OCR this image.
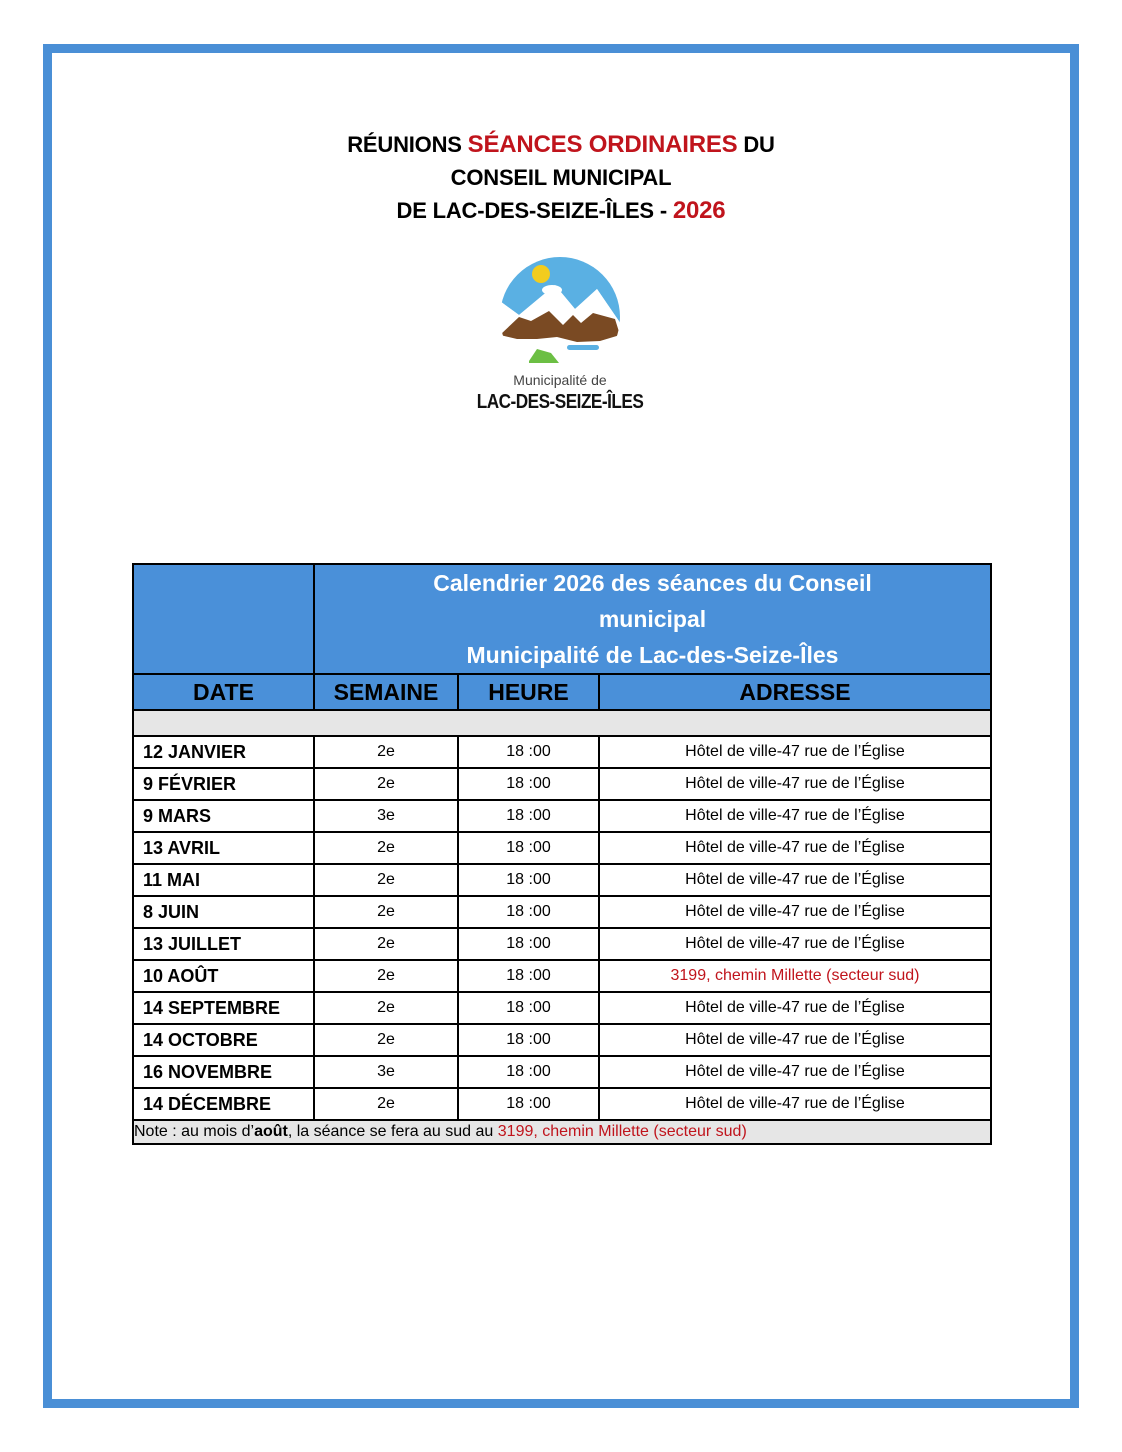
RÉUNIONS SÉANCES ORDINAIRES DU
CONSEIL MUNICIPAL
DE LAC-DES-SEIZE-ÎLES - 2026
Municipalité de
LAC-DES-SEIZE-ÎLES

	Calendrier 2026 des séances du Conseil
municipal
Municipalité de Lac-des-Seize-Îles		

DATE	SEMAINE	HEURE	ADRESSE

12 JANVIER	2e	18 :00	Hôtel de ville-47 rue de l’Église
9 FÉVRIER	2e	18 :00	Hôtel de ville-47 rue de l’Église
9 MARS	3e	18 :00	Hôtel de ville-47 rue de l’Église
13 AVRIL	2e	18 :00	Hôtel de ville-47 rue de l’Église
11 MAI	2e	18 :00	Hôtel de ville-47 rue de l’Église
8 JUIN	2e	18 :00	Hôtel de ville-47 rue de l’Église
13 JUILLET	2e	18 :00	Hôtel de ville-47 rue de l’Église
10 AOÛT	2e	18 :00	3199, chemin Millette (secteur sud)
14 SEPTEMBRE	2e	18 :00	Hôtel de ville-47 rue de l’Église
14 OCTOBRE	2e	18 :00	Hôtel de ville-47 rue de l’Église
16 NOVEMBRE	3e	18 :00	Hôtel de ville-47 rue de l’Église
14 DÉCEMBRE	2e	18 :00	Hôtel de ville-47 rue de l’Église
Note : au mois d’août, la séance se fera au sud au 3199, chemin Millette (secteur sud)			
